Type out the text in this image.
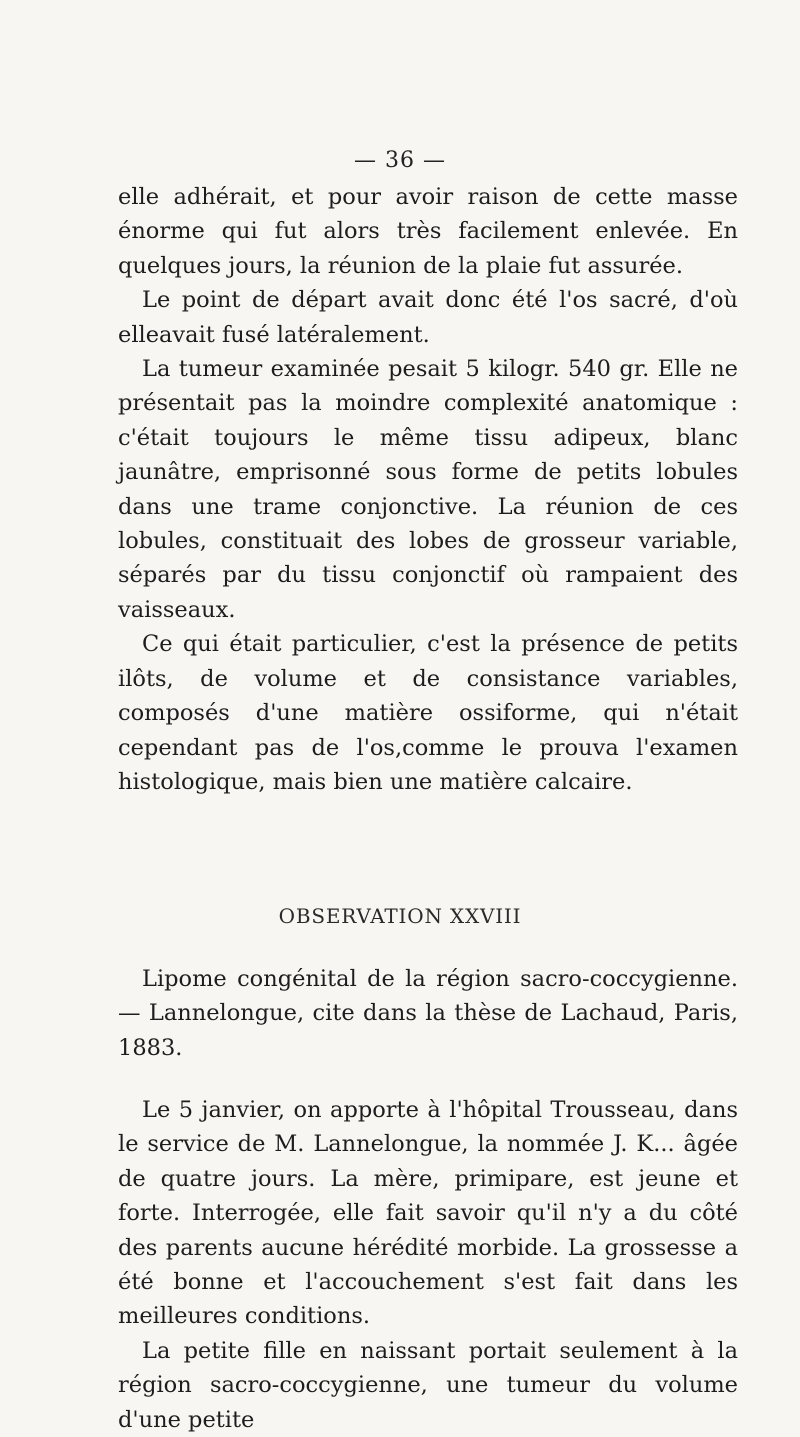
— 36 —

elle adhérait, et pour avoir raison de cette masse énorme qui fut alors très facilement enlevée. En quelques jours, la réunion de la plaie fut assurée.

Le point de départ avait donc été l'os sacré, d'où elleavait fusé latéralement.

La tumeur examinée pesait 5 kilogr. 540 gr. Elle ne présentait pas la moindre complexité anatomique : c'était toujours le même tissu adipeux, blanc jaunâtre, emprisonné sous forme de petits lobules dans une trame conjonctive. La réunion de ces lobules, constituait des lobes de grosseur variable, séparés par du tissu conjonctif où rampaient des vaisseaux.

Ce qui était particulier, c'est la présence de petits ilôts, de volume et de consistance variables, composés d'une matière ossiforme, qui n'était cependant pas de l'os,comme le prouva l'examen histologique, mais bien une matière calcaire.

OBSERVATION XXVIII

Lipome congénital de la région sacro-coccygienne. — Lannelongue, cite dans la thèse de Lachaud, Paris, 1883.

Le 5 janvier, on apporte à l'hôpital Trousseau, dans le service de M. Lannelongue, la nommée J. K... âgée de quatre jours. La mère, primipare, est jeune et forte. Interrogée, elle fait savoir qu'il n'y a du côté des parents aucune hérédité morbide. La grossesse a été bonne et l'accouchement s'est fait dans les meilleures conditions.

La petite fille en naissant portait seulement à la région sacro-coccygienne, une tumeur du volume d'une petite
